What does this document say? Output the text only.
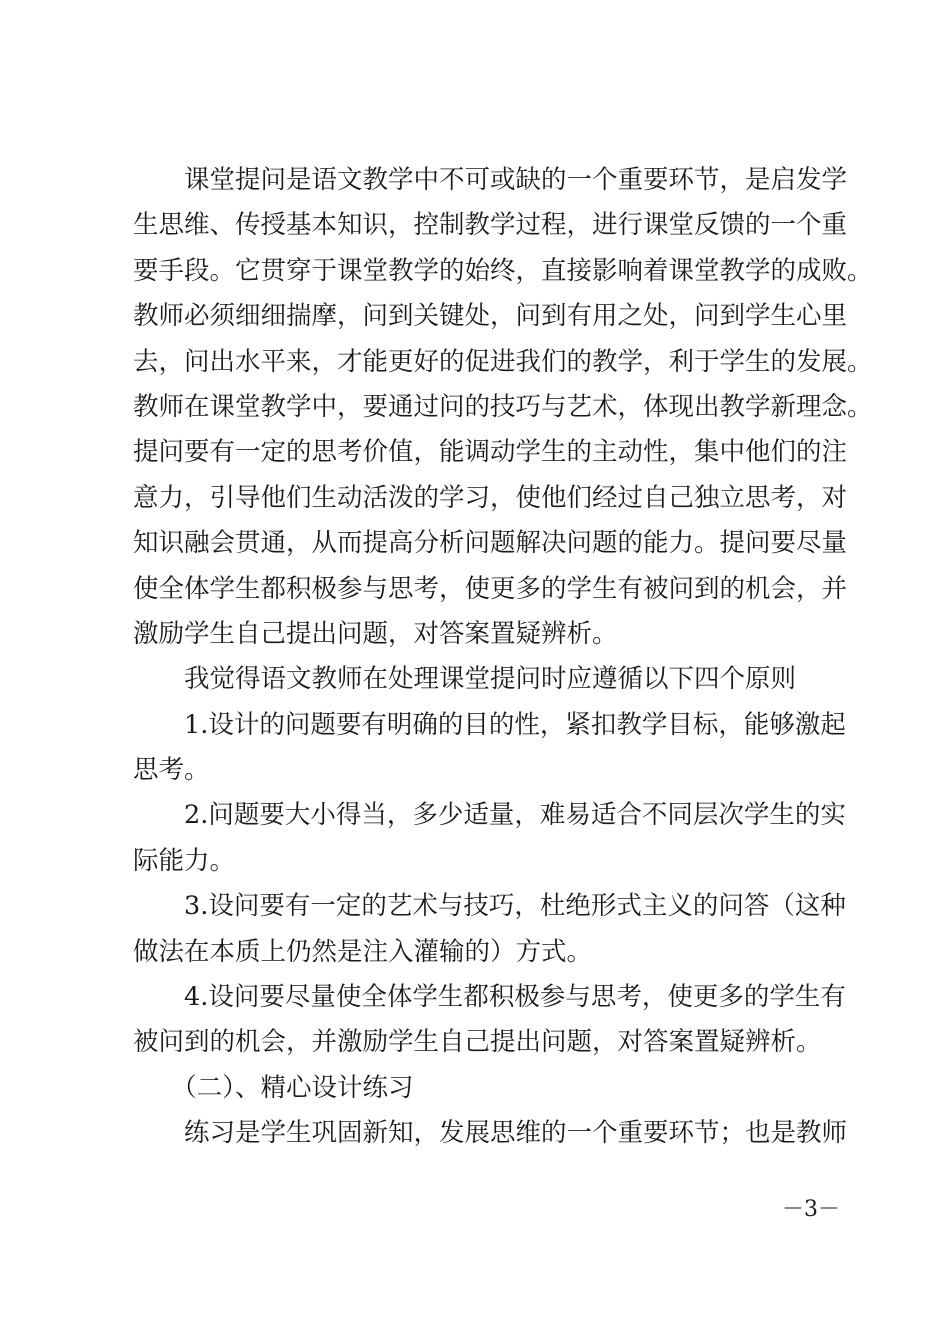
　　课堂提问是语文教学中不可或缺的一个重要环节，是启发学
生思维、传授基本知识，控制教学过程，进行课堂反馈的一个重
要手段。它贯穿于课堂教学的始终，直接影响着课堂教学的成败。
教师必须细细揣摩，问到关键处，问到有用之处，问到学生心里
去，问出水平来，才能更好的促进我们的教学，利于学生的发展。
教师在课堂教学中，要通过问的技巧与艺术，体现出教学新理念。
提问要有一定的思考价值，能调动学生的主动性，集中他们的注
意力，引导他们生动活泼的学习，使他们经过自己独立思考，对
知识融会贯通，从而提高分析问题解决问题的能力。提问要尽量
使全体学生都积极参与思考，使更多的学生有被问到的机会，并
激励学生自己提出问题，对答案置疑辨析。
　　我觉得语文教师在处理课堂提问时应遵循以下四个原则
　　1.设计的问题要有明确的目的性，紧扣教学目标，能够激起
思考。
　　2.问题要大小得当，多少适量，难易适合不同层次学生的实
际能力。
　　3.设问要有一定的艺术与技巧，杜绝形式主义的问答（这种
做法在本质上仍然是注入灌输的）方式。
　　4.设问要尽量使全体学生都积极参与思考，使更多的学生有
被问到的机会，并激励学生自己提出问题，对答案置疑辨析。
　　（二）、精心设计练习
　　练习是学生巩固新知，发展思维的一个重要环节；也是教师
－3－
